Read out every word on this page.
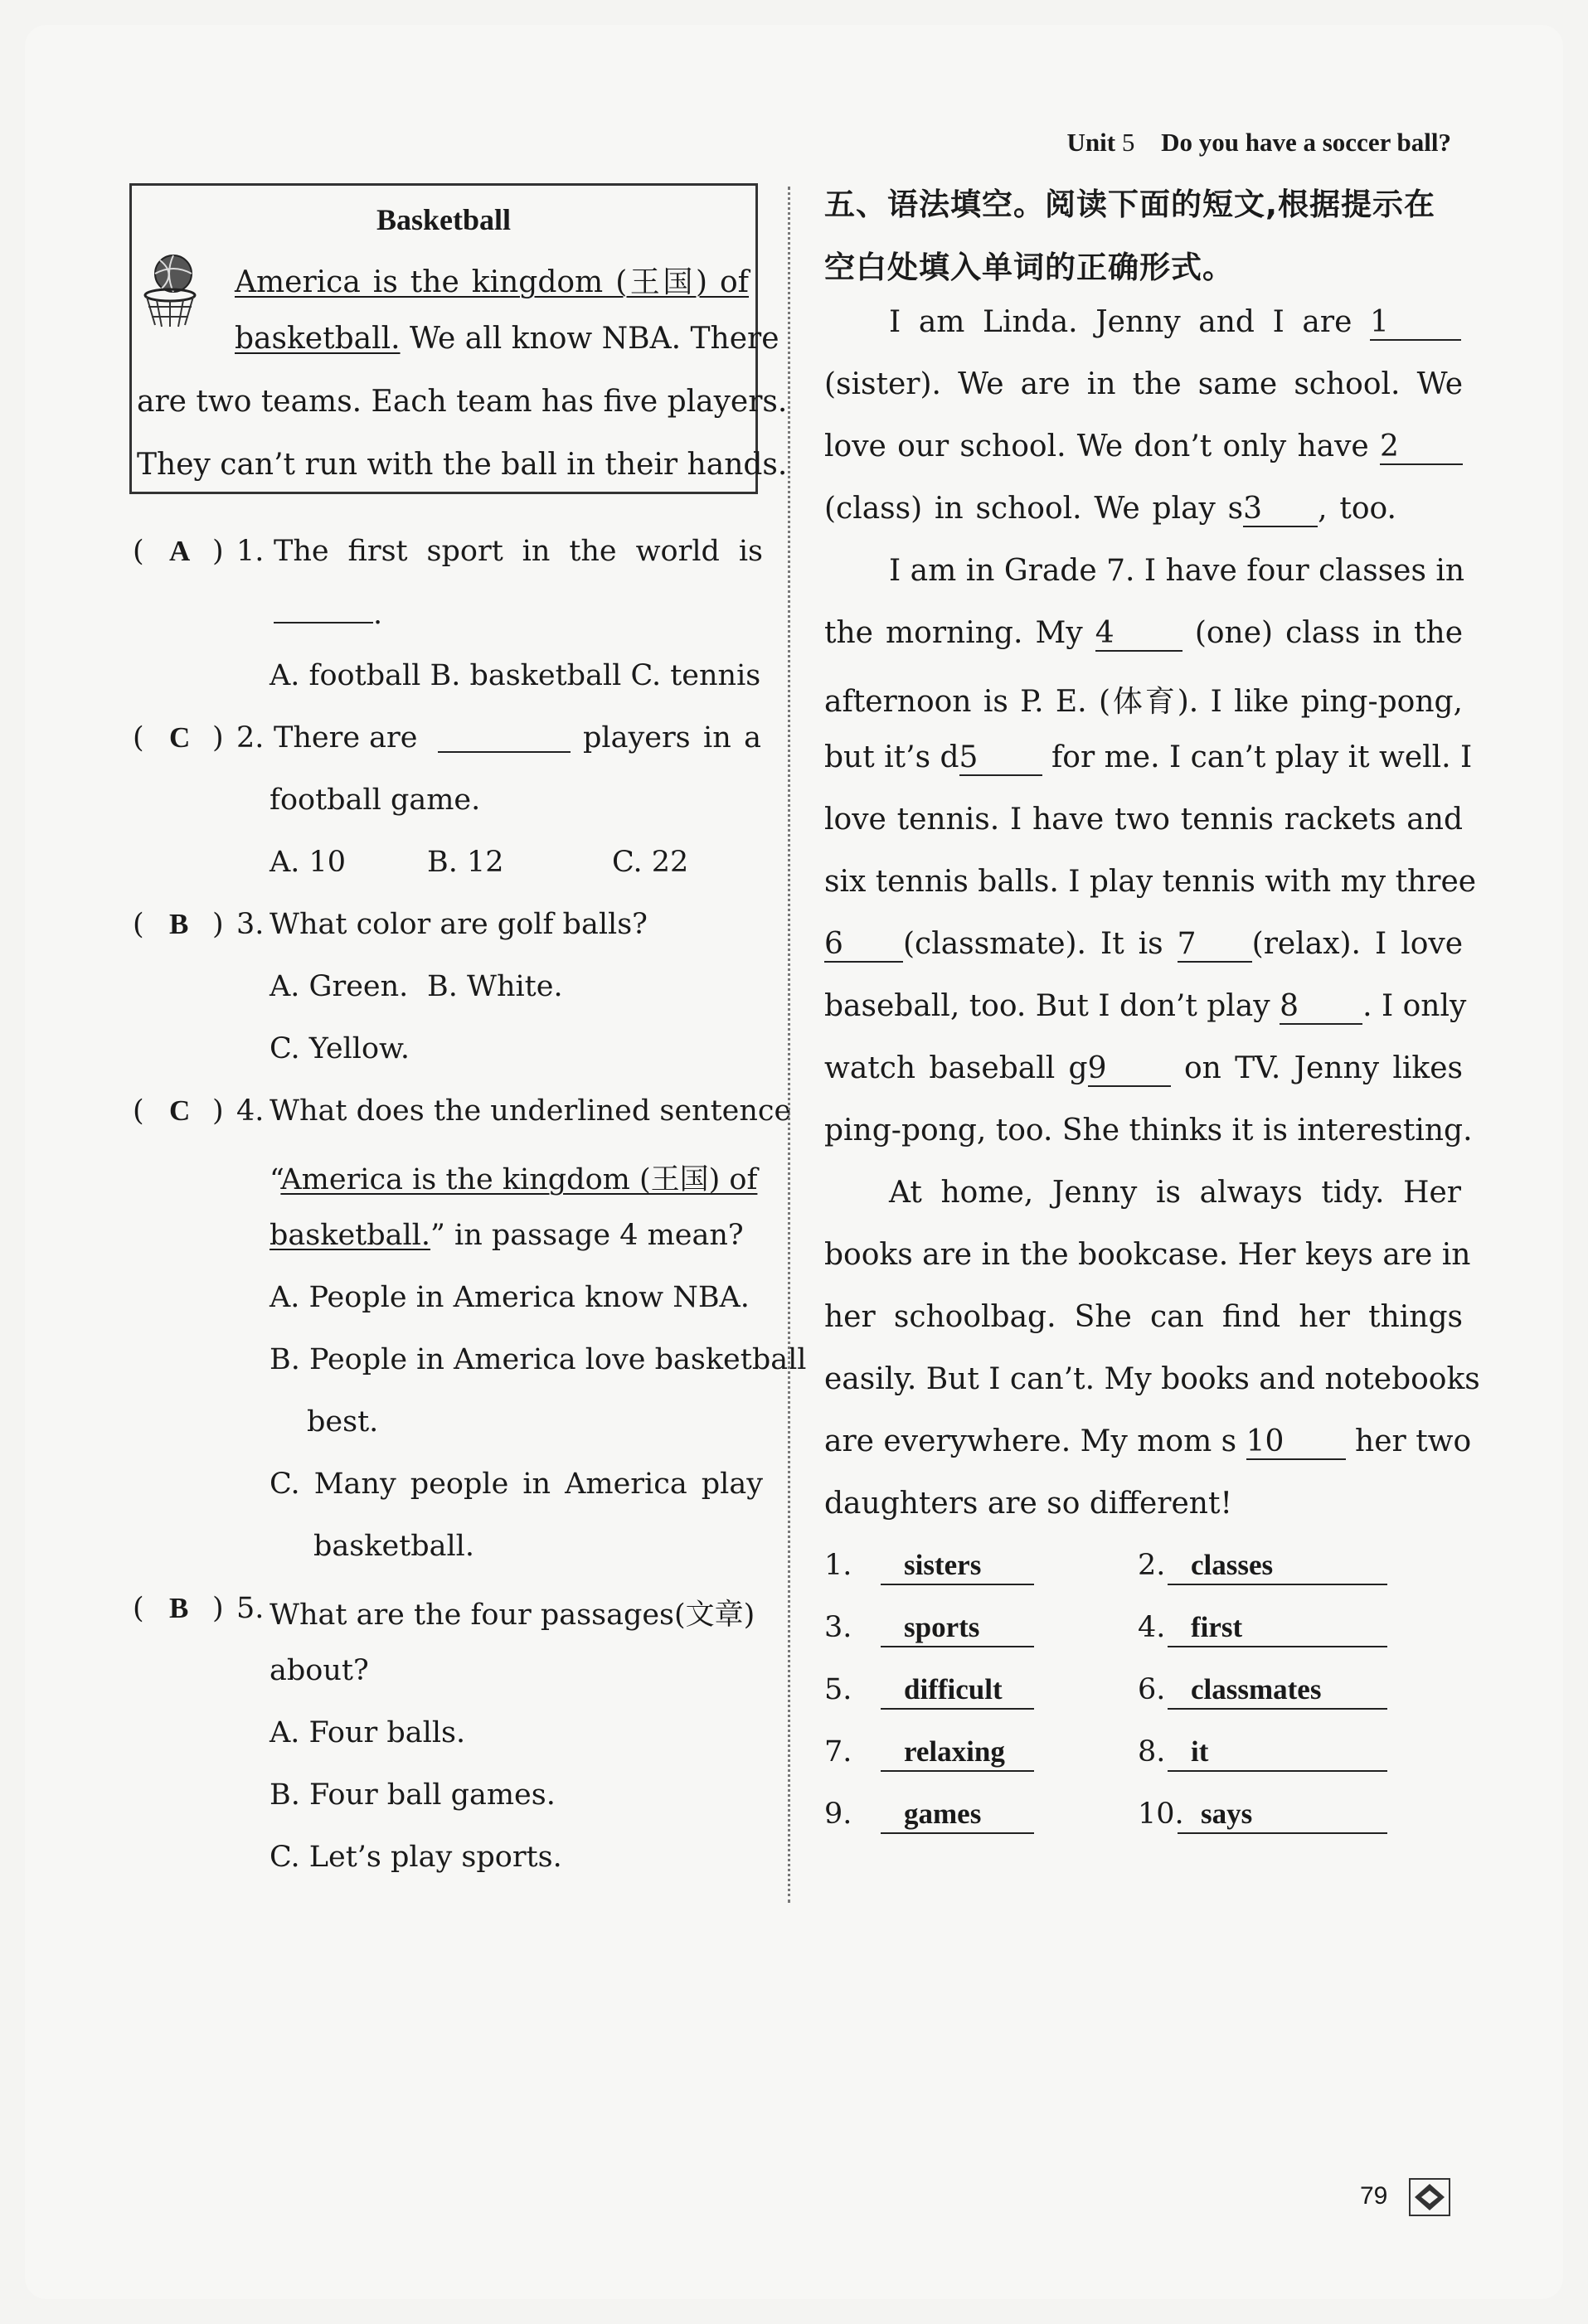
Unit 5 Do you have a soccer ball?
Basketball
America is the kingdom (王国) of
basketball. We all know NBA. There
are two teams. Each team has five players.
They can’t run with the ball in their hands.
( A ) 1. The first sport in the world is
.
A. football B. basketball C. tennis
( C ) 2. There are	players in a
football game.
A. 10	B. 12	C. 22
( B ) 3. What color are golf balls?
A. Green. B. White.
C. Yellow.
( C ) 4. What does the underlined sentence
“America is the kingdom (王国) of
basketball.” in passage 4 mean?
A. People in America know NBA.
B. People in America love basketball
best.
C. Many people in America play
basketball.
( B ) 5. What are the four passages(文章)
about?
A. Four balls.
B. Four ball games.
C. Let’s play sports.
五、语法填空。阅读下面的短文,根据提示在
空白处填入单词的正确形式。
I am Linda. Jenny and I are 1
(sister). We are in the same school. We
love our school. We don’t only have 2
(class) in school. We play s3 , too.
I am in Grade 7. I have four classes in
the morning. My 4	(one) class in the
afternoon is P. E. (体育). I like ping-pong,
but it’s d5 for me. I can’t play it well. I
love tennis. I have two tennis rackets and
six tennis balls. I play tennis with my three
6 (classmate). It is 7 (relax). I love
baseball, too. But I don’t play 8 . I only
watch baseball g9	on TV. Jenny likes
ping-pong, too. She thinks it is interesting.
At home, Jenny is always tidy. Her
books are in the bookcase. Her keys are in
her schoolbag. She can find her things
easily. But I can’t. My books and notebooks
are everywhere. My mom s 10 her two
daughters are so different!
1.	sisters	2. classes
3.	sports	4. first
5.	difficult	6. classmates
7.	relaxing	8. it
9.	games	10. says
79
